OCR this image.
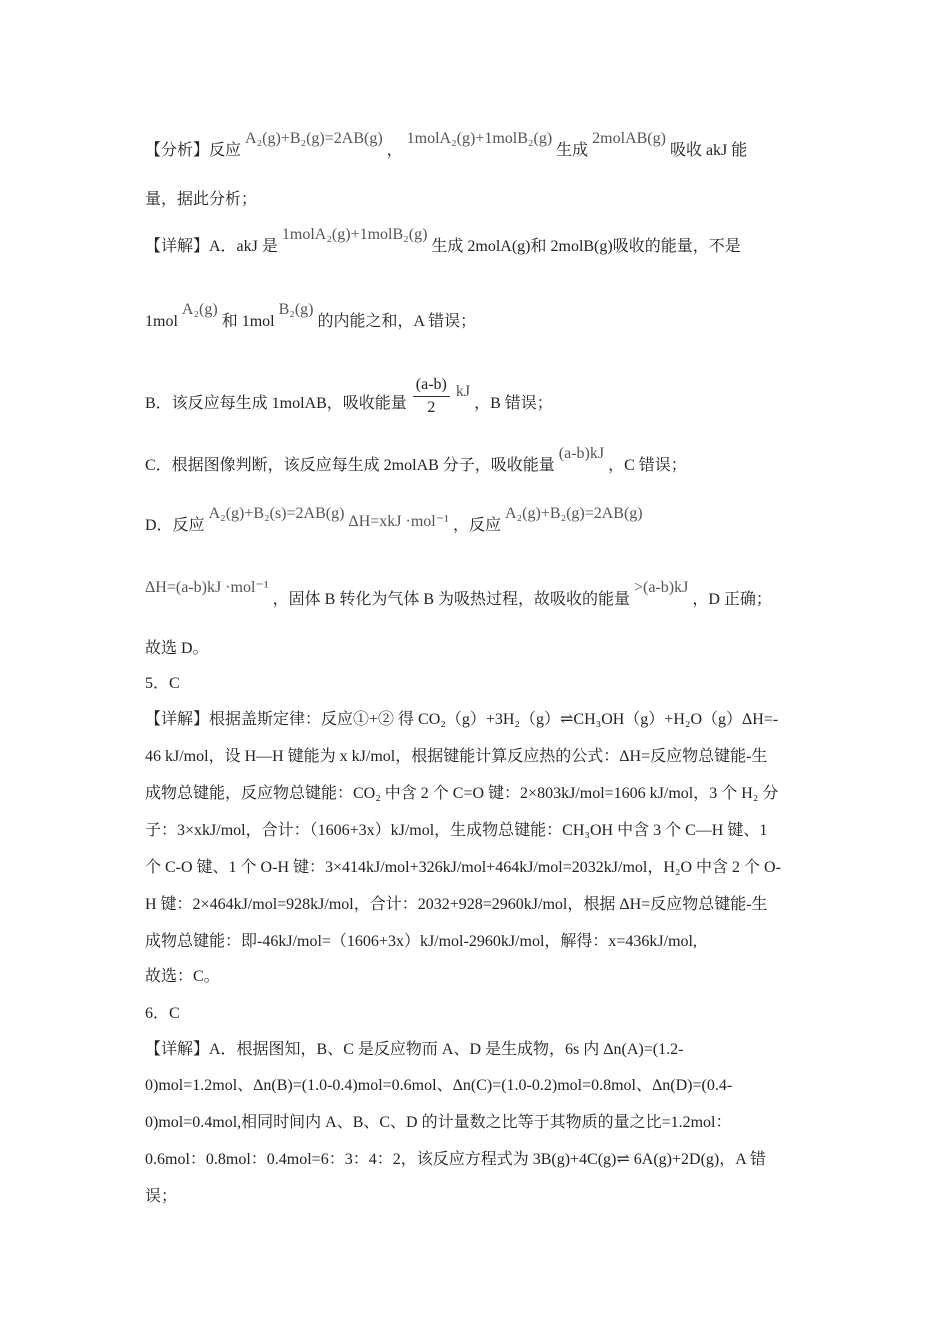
【分析】反应 A₂(g)+B₂(g)=2AB(g) ， 1molA₂(g)+1molB₂(g) 生成 2molAB(g) 吸收 akJ 能
量，据此分析；
【详解】A．akJ 是 1molA₂(g)+1molB₂(g) 生成 2molA(g)和 2molB(g)吸收的能量，不是
1mol A₂(g) 和 1mol B₂(g) 的内能之和，A 错误；
B．该反应每生成 1molAB，吸收能量 $\frac{(a-b)}{2}$ kJ ，B 错误；
C．根据图像判断，该反应每生成 2molAB 分子，吸收能量 (a-b)kJ ，C 错误；
D．反应 A₂(g)+B₂(s)=2AB(g) ΔH=xkJ ·mol⁻¹ ，反应 A₂(g)+B₂(g)=2AB(g)
ΔH=(a-b)kJ ·mol⁻¹ ，固体 B 转化为气体 B 为吸热过程，故吸收的能量 >(a-b)kJ ，D 正确；
故选 D。
5．C
【详解】根据盖斯定律：反应①+② 得 CO₂（g）+3H₂（g）⇌CH₃OH（g）+H₂O（g）ΔH=-
46 kJ/mol，设 H—H 键能为 x kJ/mol，根据键能计算反应热的公式：ΔH=反应物总键能-生
成物总键能，反应物总键能：CO₂ 中含 2 个 C=O 键：2×803kJ/mol=1606 kJ/mol，3 个 H₂ 分
子：3×xkJ/mol，合计：（1606+3x）kJ/mol，生成物总键能：CH₃OH 中含 3 个 C—H 键、1
个 C-O 键、1 个 O-H 键：3×414kJ/mol+326kJ/mol+464kJ/mol=2032kJ/mol，H₂O 中含 2 个 O-
H 键：2×464kJ/mol=928kJ/mol，合计：2032+928=2960kJ/mol，根据 ΔH=反应物总键能-生
成物总键能：即-46kJ/mol=（1606+3x）kJ/mol-2960kJ/mol，解得：x=436kJ/mol,
故选：C。
6．C
【详解】A．根据图知，B、C 是反应物而 A、D 是生成物，6s 内 Δn(A)=(1.2-
0)mol=1.2mol、Δn(B)=(1.0-0.4)mol=0.6mol、Δn(C)=(1.0-0.2)mol=0.8mol、Δn(D)=(0.4-
0)mol=0.4mol,相同时间内 A、B、C、D 的计量数之比等于其物质的量之比=1.2mol：
0.6mol：0.8mol：0.4mol=6：3：4：2，该反应方程式为 3B(g)+4C(g)⇌ 6A(g)+2D(g)，A 错
误；
